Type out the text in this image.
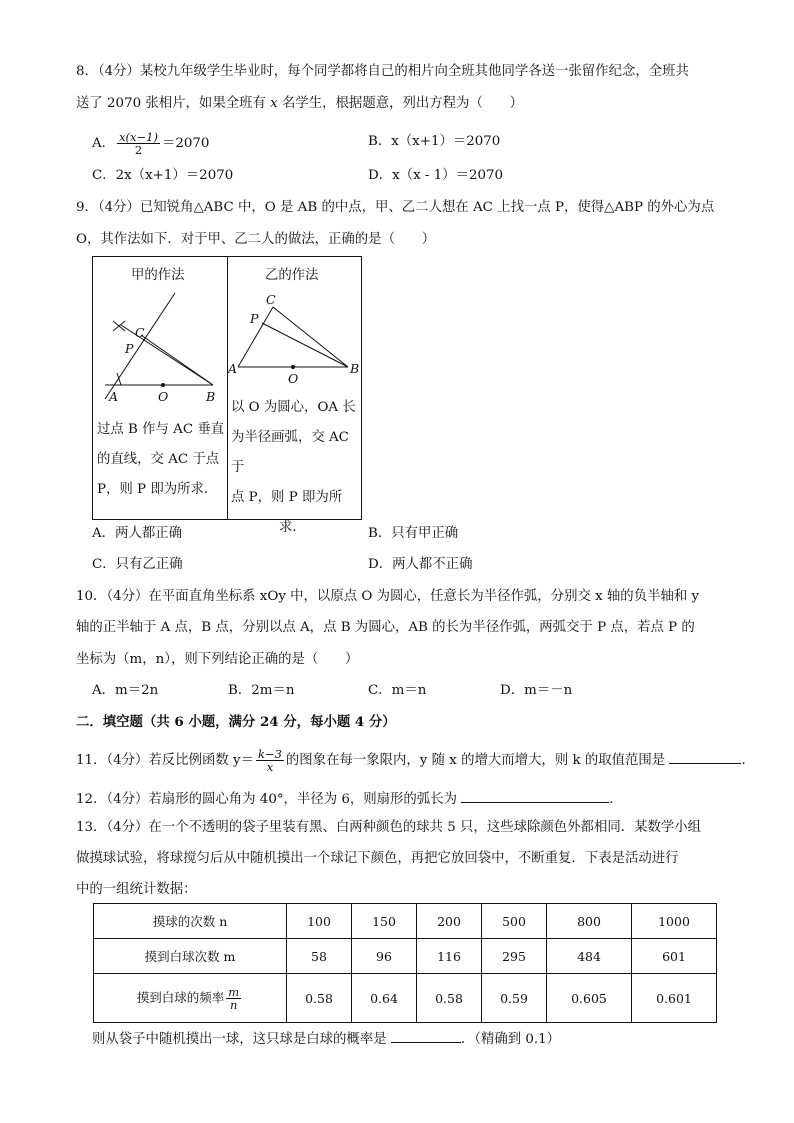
8．（4分）某校九年级学生毕业时，每个同学都将自己的相片向全班其他同学各送一张留作纪念，全班共
送了 2070 张相片，如果全班有 x 名学生，根据题意，列出方程为（　　）
A． $\frac{x(x-1)}{2} =2070$	B．x（x+1）＝2070
C．2x（x+1）＝2070	D．x（x - 1）＝2070
9．（4分）已知锐角△ABC 中，O 是 AB 的中点，甲、乙二人想在 AC 上找一点 P，使得△ABP 的外心为点
O，其作法如下．对于甲、乙二人的做法，正确的是（　　）
甲的作法	乙的作法
C
P
A	O	B
C
P
A
O
B
过点 B 作与 AC 垂直
的直线，交 AC 于点
P，则 P 即为所求．
以 O 为圆心，OA 长
为半径画弧，交 AC 于
点 P，则 P 即为所
求．
A．两人都正确	B．只有甲正确
C．只有乙正确	D．两人都不正确
10．（4分）在平面直角坐标系 xOy 中，以原点 O 为圆心，任意长为半径作弧，分别交 x 轴的负半轴和 y
轴的正半轴于 A 点，B 点，分别以点 A，点 B 为圆心，AB 的长为半径作弧，两弧交于 P 点，若点 P 的
坐标为（m，n），则下列结论正确的是（　　）
A．m＝2n	B．2m＝n	C．m＝n	D．m＝－n
二．填空题（共 6 小题，满分 24 分，每小题 4 分）
11．（4分）若反比例函数 $y= \frac{k-3}{x}$ 的图象在每一象限内，y 随 x 的增大而增大，则 k 的取值范围是	．
12．（4分）若扇形的圆心角为 40°，半径为 6，则扇形的弧长为	．
13．（4分）在一个不透明的袋子里装有黑、白两种颜色的球共 5 只，这些球除颜色外都相同．某数学小组
做摸球试验，将球搅匀后从中随机摸出一个球记下颜色，再把它放回袋中，不断重复．下表是活动进行
中的一组统计数据：
摸球的次数 n	100	150	200	500	800	1000
摸到白球次数 m	58	96	116	295	484	601
摸到白球的频率 $\frac{m}{n}$	0.58	0.64	0.58	0.59	0.605	0.601
则从袋子中随机摸出一球，这只球是白球的概率是	．（精确到 0.1）
